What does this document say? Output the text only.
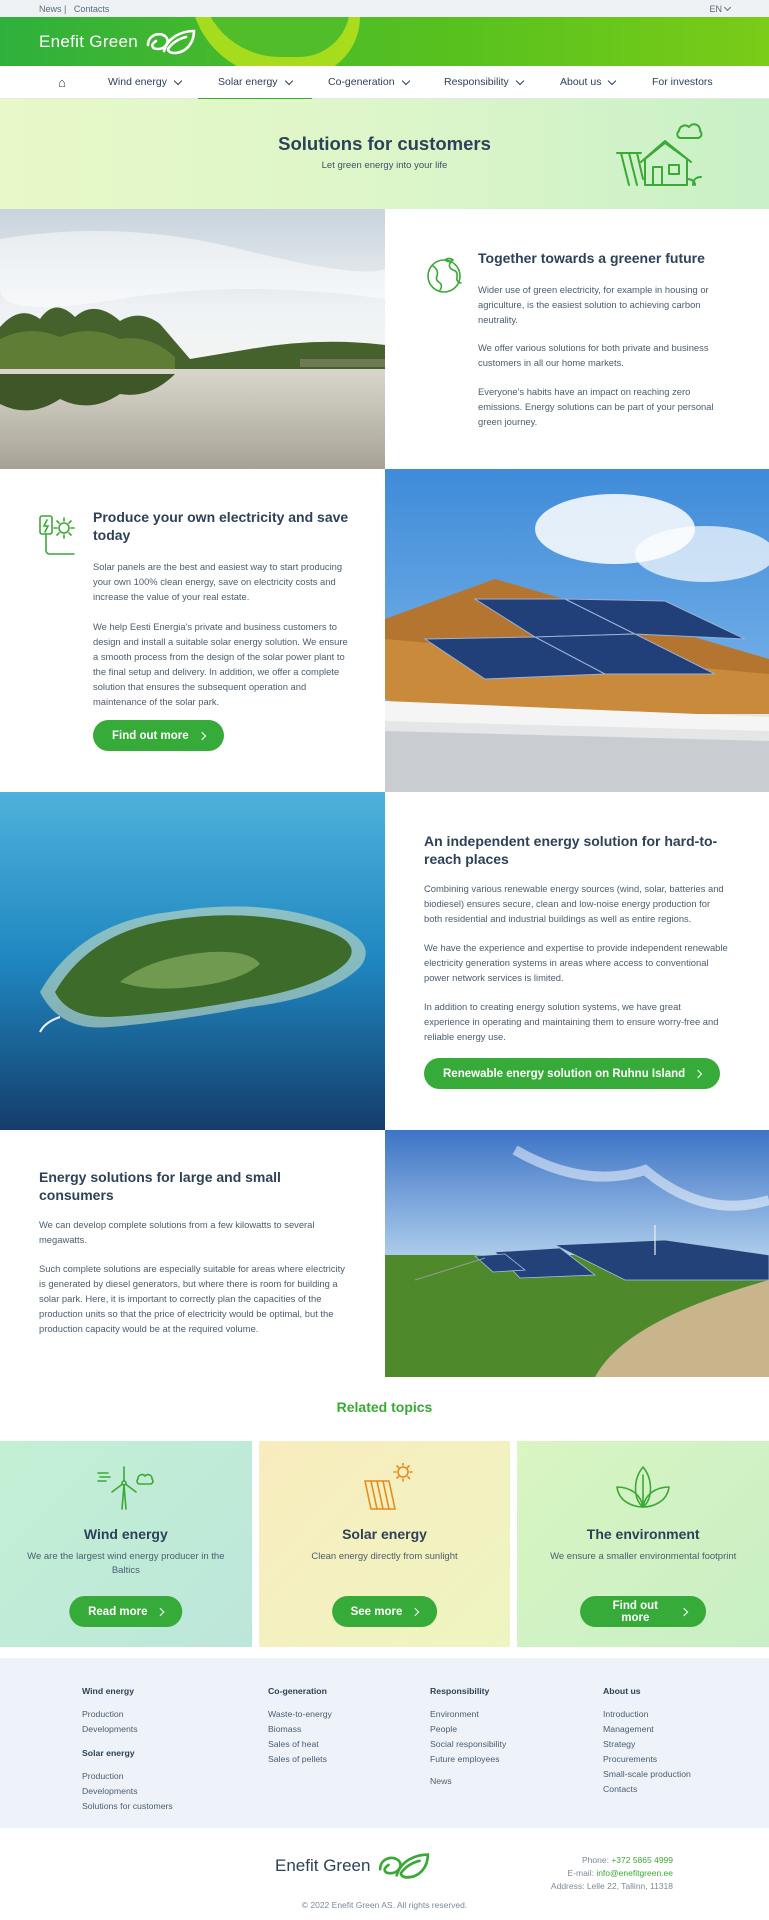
News | Contacts	EN
Enefit Green
⌂	Wind energy	Solar energy	Co-generation	Responsibility	About us	For investors
Solutions for customers

Let green energy into your life

Together towards a greener future

Wider use of green electricity, for example in housing or agriculture, is the easiest solution to achieving carbon neutrality.

We offer various solutions for both private and business customers in all our home markets.

Everyone's habits have an impact on reaching zero emissions. Energy solutions can be part of your personal green journey.

Produce your own electricity and save today

Solar panels are the best and easiest way to start producing your own 100% clean energy, save on electricity costs and increase the value of your real estate.

We help Eesti Energia's private and business customers to design and install a suitable solar energy solution. We ensure a smooth process from the design of the solar power plant to the final setup and delivery. In addition, we offer a complete solution that ensures the subsequent operation and maintenance of the solar park.

Find out more
An independent energy solution for hard-to-reach places

Combining various renewable energy sources (wind, solar, batteries and biodiesel) ensures secure, clean and low-noise energy production for both residential and industrial buildings as well as entire regions.

We have the experience and expertise to provide independent renewable electricity generation systems in areas where access to conventional power network services is limited.

In addition to creating energy solution systems, we have great experience in operating and maintaining them to ensure worry-free and reliable energy use.

Renewable energy solution on Ruhnu Island
Energy solutions for large and small consumers

We can develop complete solutions from a few kilowatts to several megawatts.

Such complete solutions are especially suitable for areas where electricity is generated by diesel generators, but where there is room for building a solar park. Here, it is important to correctly plan the capacities of the production units so that the price of electricity would be optimal, but the production capacity would be at the required volume.

Related topics
Wind energy

We are the largest wind energy producer in the Baltics

Read more
Solar energy

Clean energy directly from sunlight

See more
The environment

We ensure a smaller environmental footprint

Find out more
Wind energy
Production
Developments
Solar energy
Production
Developments
Solutions for customers
Co-generation
Waste-to-energy
Biomass
Sales of heat
Sales of pellets
Responsibility
Environment
People
Social responsibility
Future employees
News
About us
Introduction
Management
Strategy
Procurements
Small-scale production
Contacts
Enefit Green	Phone: +372 5865 4999
E-mail: info@enefitgreen.ee
Address: Lelle 22, Tallinn, 11318
© 2022 Enefit Green AS. All rights reserved.
